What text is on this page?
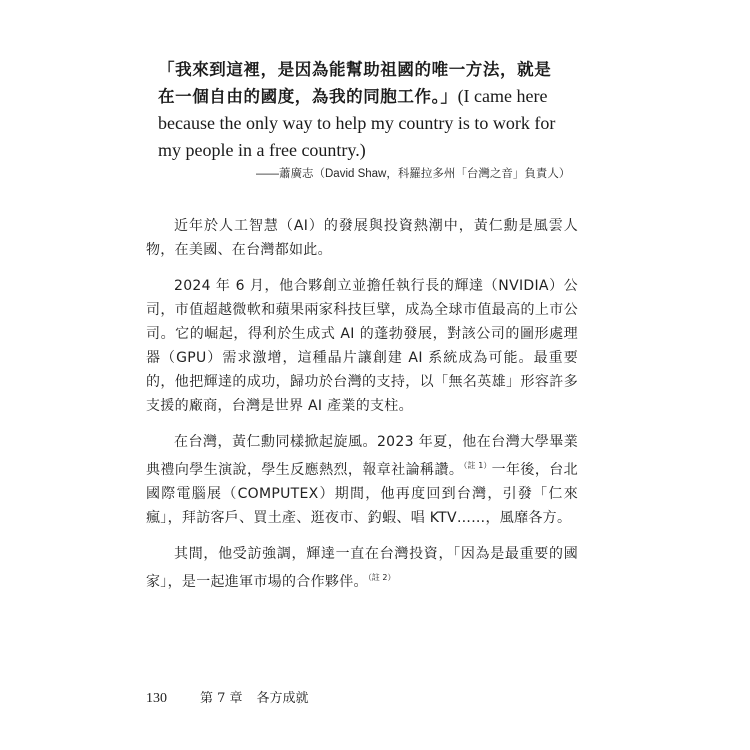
「我來到這裡，是因為能幫助祖國的唯一方法，就是在一個自由的國度，為我的同胞工作。」(I came here because the only way to help my country is to work for my people in a free country.)

——蕭廣志（David Shaw，科羅拉多州「台灣之音」負責人）

近年於人工智慧（AI）的發展與投資熱潮中，黃仁勳是風雲人物，在美國、在台灣都如此。

2024 年 6 月，他合夥創立並擔任執行長的輝達（NVIDIA）公司，市值超越微軟和蘋果兩家科技巨擘，成為全球市值最高的上市公司。它的崛起，得利於生成式 AI 的蓬勃發展，對該公司的圖形處理器（GPU）需求激增，這種晶片讓創建 AI 系統成為可能。最重要的，他把輝達的成功，歸功於台灣的支持，以「無名英雄」形容許多支援的廠商，台灣是世界 AI 產業的支柱。

在台灣，黃仁勳同樣掀起旋風。2023 年夏，他在台灣大學畢業典禮向學生演說，學生反應熱烈，報章社論稱讚。$^{(註 1)}$一年後，台北國際電腦展（COMPUTEX）期間，他再度回到台灣，引發「仁來瘋」，拜訪客戶、買土產、逛夜市、釣蝦、唱 KTV……，風靡各方。

其間，他受訪強調，輝達一直在台灣投資，「因為是最重要的國家」，是一起進軍市場的合作夥伴。$^{(註 2)}$

130	第 7 章 各方成就
